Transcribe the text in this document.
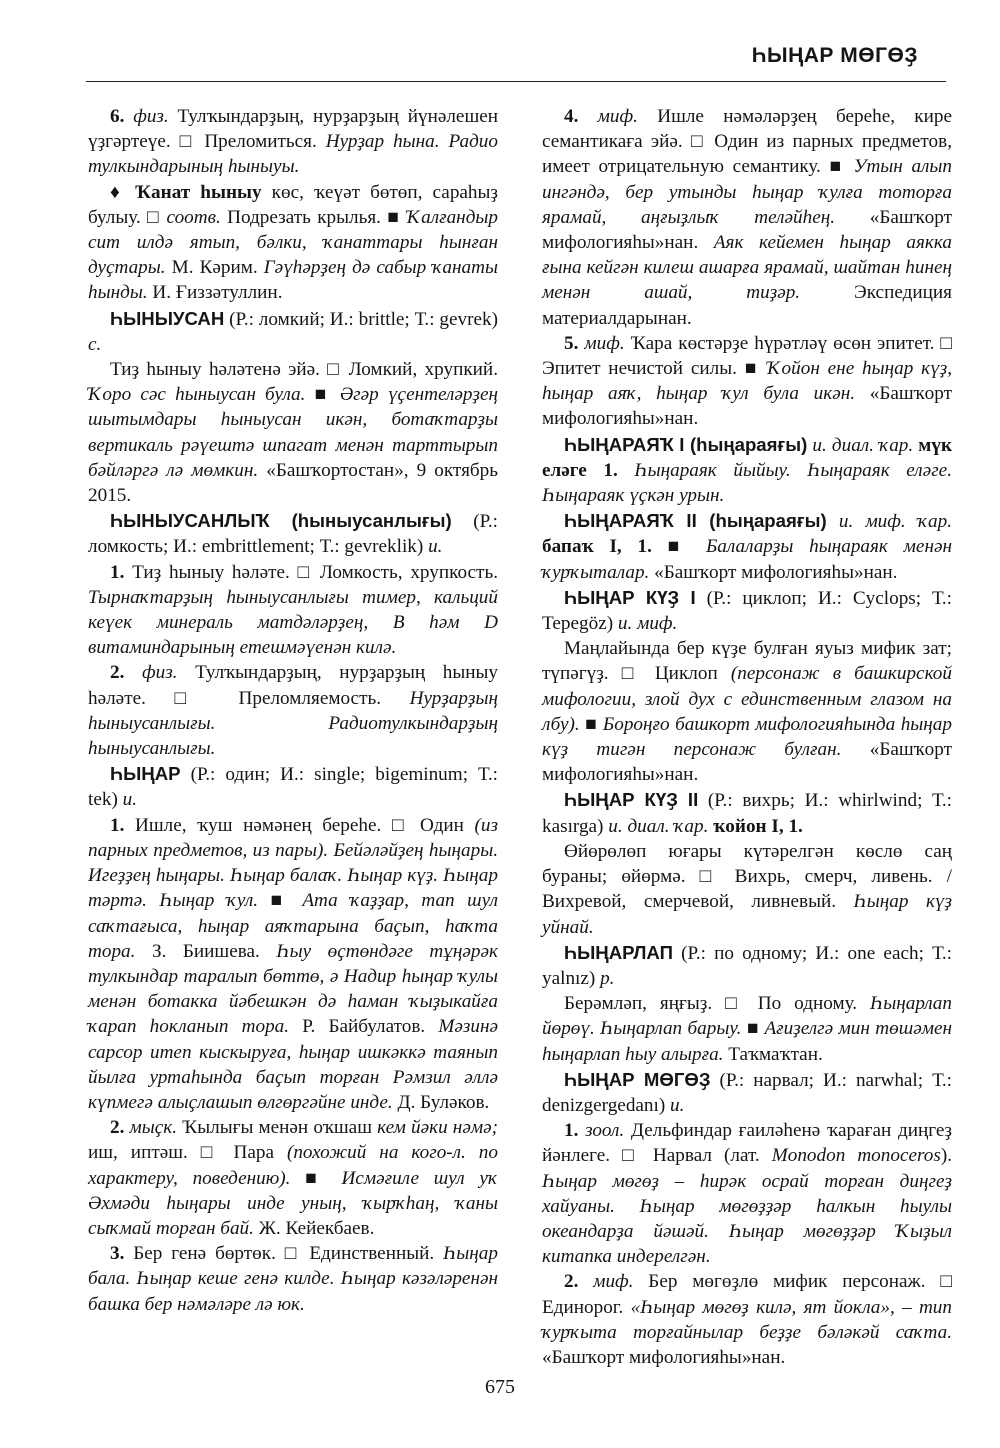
ҺЫҢАР МӨГӨҘ

6. физ. Тулҡындарҙың, нурҙарҙың йүнәлешен үҙгәртеүе. □ Преломиться. Нурҙар һына. Радио тулкындарының һыныуы.

♦ Ҡанат һыныу көс, ҡеүәт бөтөп, сараһыҙ булыу. □ соотв. Подрезать крылья. ■ Ҡалғандыр сит илдә ятып, бәлки, ҡанаттары һынған дуҫтары. М. Кәрим. Гәүһәрҙең дә сабыр ҡанаты һынды. И. Ғиззәтуллин.

ҺЫНЫУСАН (Р.: ломкий; И.: brittle; Т.: gevrek) с.

Тиҙ һыныу һәләтенә эйә. □ Ломкий, хрупкий. Ҡоро сәс һыныусан була. ■ Әгәр үҫентеләрҙең шытымдары һыныусан икән, ботаҡтарҙы вертикаль рәүештә шпагат менән тарттырып бәйләргә лә мөмкин. «Башҡортостан», 9 октябрь 2015.

ҺЫНЫУСАНЛЫҠ (һыныусанлығы) (Р.: ломкость; И.: embrittlement; Т.: gevreklik) и.

1. Тиҙ һыныу һәләте. □ Ломкость, хрупкость. Тырнаҡтарҙың һыныусанлығы тимер, кальций кеүек минераль матдәләрҙең, B һәм D витаминдарының етешмәүенән килә.

2. физ. Тулҡындарҙың, нурҙарҙың һыныу һәләте. □ Преломляемость. Нурҙарҙың һыныусанлығы. Радиотулкындарҙың һыныусанлығы.

ҺЫҢАР (Р.: один; И.: single; bigeminum; Т.: tek) и.

1. Ишле, ҡуш нәмәнең береһе. □ Один (из парных предметов, из пары). Бейәләйҙең һыңары. Игеҙҙең һыңары. Һыңар балаҡ. Һыңар күҙ. Һыңар тәртә. Һыңар ҡул. ■ Ата ҡаҙҙар, тап шул саҡтағыса, һыңар аяҡтарына баҫып, һаҡта тора. З. Биишева. Һыу өҫтөндәге тұңәрәк тулкындар таралып бөттө, ә Надир һыңар ҡулы менән ботакка йәбешкән дә һаман ҡыҙыкайға ҡарап һокланып тора. Р. Байбулатов. Мәзинә сарсор итеп кыскыруға, һыңар ишкәккә таянып йылға уртаһында баҫып торған Рәмзил әллә күпмегә алыҫлашып өлгөргәйне инде. Д. Буләков.

2. мыҫк. Ҡылығы менән оҡшаш кем йәки нәмә; иш, иптәш. □ Пара (похожий на кого-л. по характеру, поведению). ■ Исмәғиле шул уҡ Әхмәди һыңары инде уның, ҡырҡһаң, ҡаны сыҡмай торған бай. Ж. Кейекбаев.

3. Бер генә бөртөк. □ Единственный. Һыңар бала. Һыңар кеше генә килде. Һыңар кәзәләренән башка бер нәмәләре лә юк.

4. миф. Ишле нәмәләрҙең береһе, кире семантикаға эйә. □ Один из парных предметов, имеет отрицательную семантику. ■ Утын алып ингәндә, бер утынды һыңар ҡулға тоторға ярамай, аңғыҙлыҡ теләйһең. «Башҡорт мифологияһы»нан. Аяк кейемен һыңар аякка ғына кейгән килеш ашарға ярамай, шайтан һинең менән ашай, тиҙәр. Экспедиция материалдарынан.

5. миф. Ҡара көстәрҙе һүрәтләү өсөн эпитет. □ Эпитет нечистой силы. ■ Ҡойон ене һыңар күҙ, һыңар аяҡ, һыңар ҡул була икән. «Башҡорт мифологияһы»нан.

ҺЫҢАРАЯҠ I (һыңараяғы) и. диал. ҡар. мүк еләге 1. Һыңараяк йыйыу. Һыңараяк еләге. Һыңараяк үҫкән урын.

ҺЫҢАРАЯҠ II (һыңараяғы) и. миф. ҡар. бапаҡ I, 1. ■ Балаларҙы һыңараяк менән ҡурҡыталар. «Башҡорт мифологияһы»нан.

ҺЫҢАР КҮҘ I (Р.: циклоп; И.: Cyclops; Т.: Tepegöz) и. миф.

Маңлайында бер күҙе булған яуыз мифик зат; түпәгүҙ. □ Циклоп (персонаж в башкирской мифологии, злой дух с единственным глазом на лбу). ■ Бороңғо башкорт мифологияһында һыңар күҙ тигән персонаж булған. «Башҡорт мифологияһы»нан.

ҺЫҢАР КҮҘ II (Р.: вихрь; И.: whirlwind; Т.: kasırga) и. диал. ҡар. ҡойон I, 1.

Өйөрөлөп юғары күтәрелгән көслө саң бураны; өйөрмә. □ Вихрь, смерч, ливень. / Вихревой, смерчевой, ливневый. Һыңар күҙ уйнай.

ҺЫҢАРЛАП (Р.: по одному; И.: one each; Т.: yalnız) р.

Берәмләп, яңғыҙ. □ По одному. Һыңарлап йөрөү. Һыңарлап барыу. ■ Ағиҙелгә мин төшәмен һыңарлап һыу алырға. Таҡмаҡтан.

ҺЫҢАР МӨГӨҘ (Р.: нарвал; И.: narwhal; Т.: denizgergedanı) и.

1. зоол. Дельфиндар ғаиләһенә ҡараған диңгеҙ йәнлеге. □ Нарвал (лат. Monodon monoceros). Һыңар мөгөҙ – һирәк осрай торған диңгеҙ хайуаны. Һыңар мөгөҙҙәр һалкын һыулы океандарҙа йәшәй. Һыңар мөгөҙҙәр Ҡыҙыл китапка индерелгән.

2. миф. Бер мөгөҙлө мифик персонаж. □ Единорог. «Һыңар мөгөҙ килә, ят йокла», – тип ҡурҡыта торғайнылар беҙҙе бәләкәй саҡта. «Башҡорт мифологияһы»нан.

675
